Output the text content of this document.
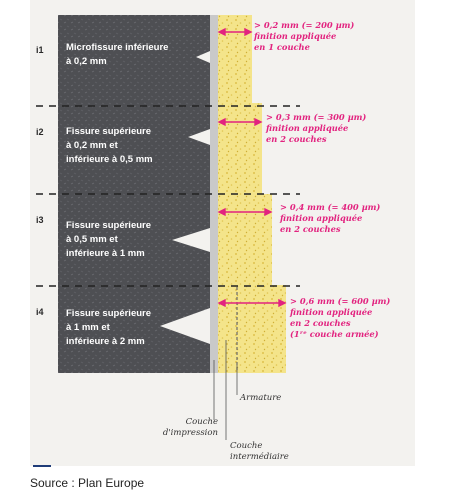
i1
i2
i3
i4
Microfissure inférieure
à 0,2 mm
Fissure supérieure
à 0,2 mm et
inférieure à 0,5 mm
Fissure supérieure
à 0,5 mm et
inférieure à 1 mm
Fissure supérieure
à 1 mm et
inférieure à 2 mm
> 0,2 mm (= 200 µm)
finition appliquée
en 1 couche
> 0,3 mm (= 300 µm)
finition appliquée
en 2 couches
> 0,4 mm (= 400 µm)
finition appliquée
en 2 couches
> 0,6 mm (= 600 µm)
finition appliquée
en 2 couches
(1ʳᵉ couche armée)
Armature
Couche
d'impression
Couche
intermédiaire
Source : Plan Europe
